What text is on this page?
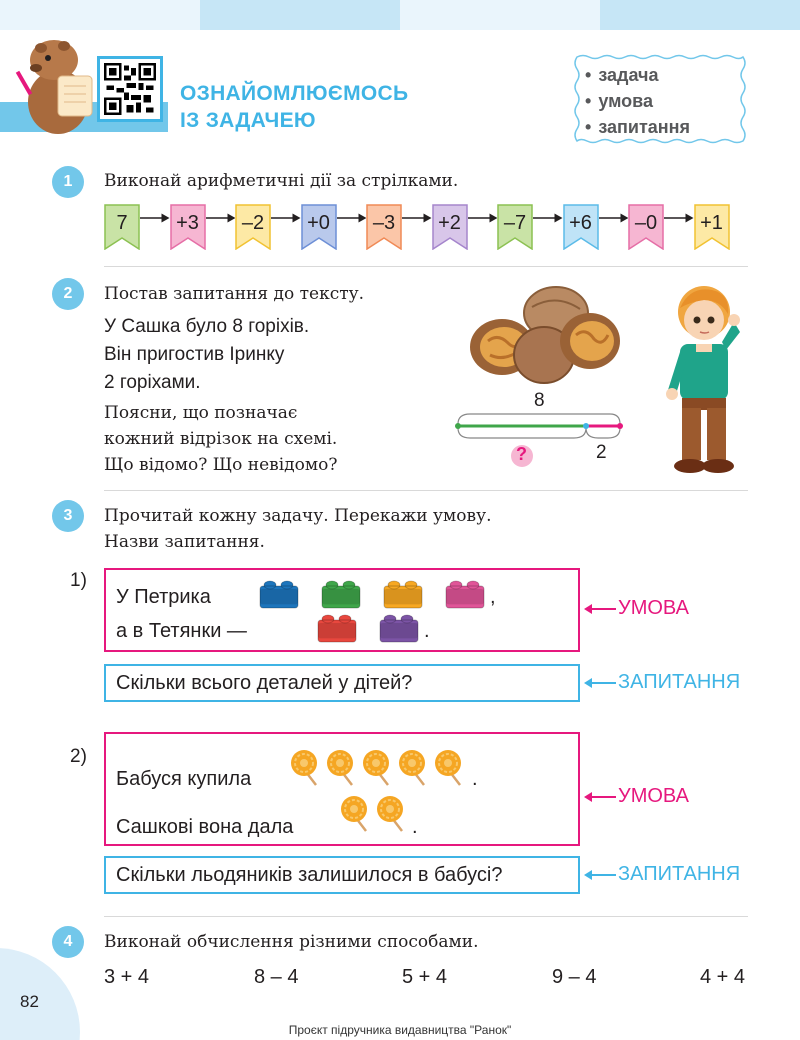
ОЗНАЙОМЛЮЄМОСЬ
ІЗ ЗАДАЧЕЮ
• задача
• умова
• запитання
1	Виконай арифметичні дії за стрілками.
7	+3	–2	+0	–3	+2	–7	+6	–0	+1
2	Постав запитання до тексту.
У Сашка було 8 горіхів.
Він пригостив Іринку
2 горіхами.
Поясни, що позначає
кожний відрізок на схемі.
Що відомо? Що невідомо?
8
?	2
3	Прочитай кожну задачу. Перекажи умову.
Назви запитання.
1)
У Петрика	,
а в Тетянки —	.
УМОВА
Скільки всього деталей у дітей?	ЗАПИТАННЯ
2)
Бабуся купила	.
Сашкові вона дала	.
УМОВА
Скільки льодяників залишилося в бабусі?	ЗАПИТАННЯ
4	Виконай обчислення різними способами.
3 + 4	8 – 4	5 + 4	9 – 4	4 + 4
82
Проєкт підручника видавництва "Ранок"
